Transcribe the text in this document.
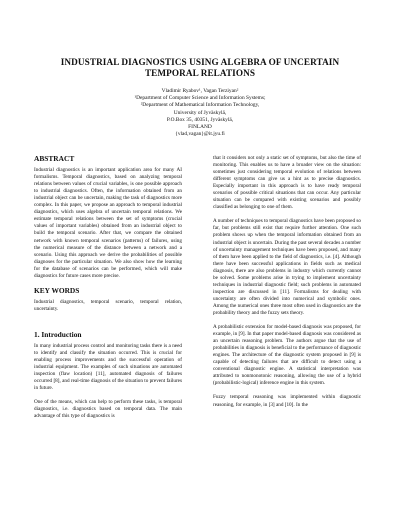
INDUSTRIAL DIAGNOSTICS USING ALGEBRA OF UNCERTAIN TEMPORAL RELATIONS
Vladimir Ryabov¹, Vagan Terziyan²
¹Department of Computer Science and Information Systems;
²Department of Mathematical Information Technology,
University of Jyväskylä,
P.O.Box 35, 40351, Jyväskylä,
FINLAND
{vlad,vagan}@it.jyu.fi
ABSTRACT

Industrial diagnostics is an important application area for many AI formalisms. Temporal diagnostics, based on analyzing temporal relations between values of crucial variables, is one possible approach to industrial diagnostics. Often, the information obtained from an industrial object can be uncertain, making the task of diagnostics more complex. In this paper, we propose an approach to temporal industrial diagnostics, which uses algebra of uncertain temporal relations. We estimate temporal relations between the set of symptoms (crucial values of important variables) obtained from an industrial object to build the temporal scenario. After that, we compare the obtained network with known temporal scenarios (patterns) of failures, using the numerical measure of the distance between a network and a scenario. Using this approach we derive the probabilities of possible diagnoses for the particular situation. We also show how the learning for the database of scenarios can be performed, which will make diagnostics for future cases more precise.

KEY WORDS

Industrial diagnostics, temporal scenario, temporal relation, uncertainty.

1. Introduction

In many industrial process control and monitoring tasks there is a need to identify and classify the situation occurred. This is crucial for enabling process improvements and the successful operation of industrial equipment. The examples of such situations are automated inspection (flaw location) [11], automated diagnosis of failures occurred [8], and real-time diagnosis of the situation to prevent failures in future.

One of the means, which can help to perform these tasks, is temporal diagnostics, i.e. diagnostics based on temporal data. The main advantage of this type of diagnostics is

that it considers not only a static set of symptoms, but also the time of monitoring. This enables us to have a broader view on the situation: sometimes just considering temporal evolution of relations between different symptoms can give us a hint as to precise diagnostics. Especially important in this approach is to have ready temporal scenarios of possible critical situations that can occur. Any particular situation can be compared with existing scenarios and possibly classified as belonging to one of them.

A number of techniques to temporal diagnostics have been proposed so far, but problems still exist that require further attention. One such problem shows up when the temporal information obtained from an industrial object is uncertain. During the past several decades a number of uncertainty management techniques have been proposed, and many of them have been applied to the field of diagnostics, i.e. [4]. Although there have been successful applications in fields such as medical diagnosis, there are also problems in industry which currently cannot be solved. Some problems arise in trying to implement uncertainty techniques in industrial diagnostic field; such problems in automated inspection are discussed in [11]. Formalisms for dealing with uncertainty are often divided into numerical and symbolic ones. Among the numerical ones three most often used in diagnostics are the probability theory and the fuzzy sets theory.

A probabilistic extension for model-based diagnosis was proposed, for example, in [9]. In that paper model-based diagnosis was considered as an uncertain reasoning problem. The authors argue that the use of probabilities in diagnosis is beneficial to the performance of diagnostic engines. The architecture of the diagnostic system proposed in [9] is capable of detecting failures that are difficult to detect using a conventional diagnostic engine. A statistical interpretation was attributed to nonmonotonic reasoning, allowing the use of a hybrid (probabilistic-logical) inference engine in this system.

Fuzzy temporal reasoning was implemented within diagnostic reasoning, for example, in [3] and [10]. In the
